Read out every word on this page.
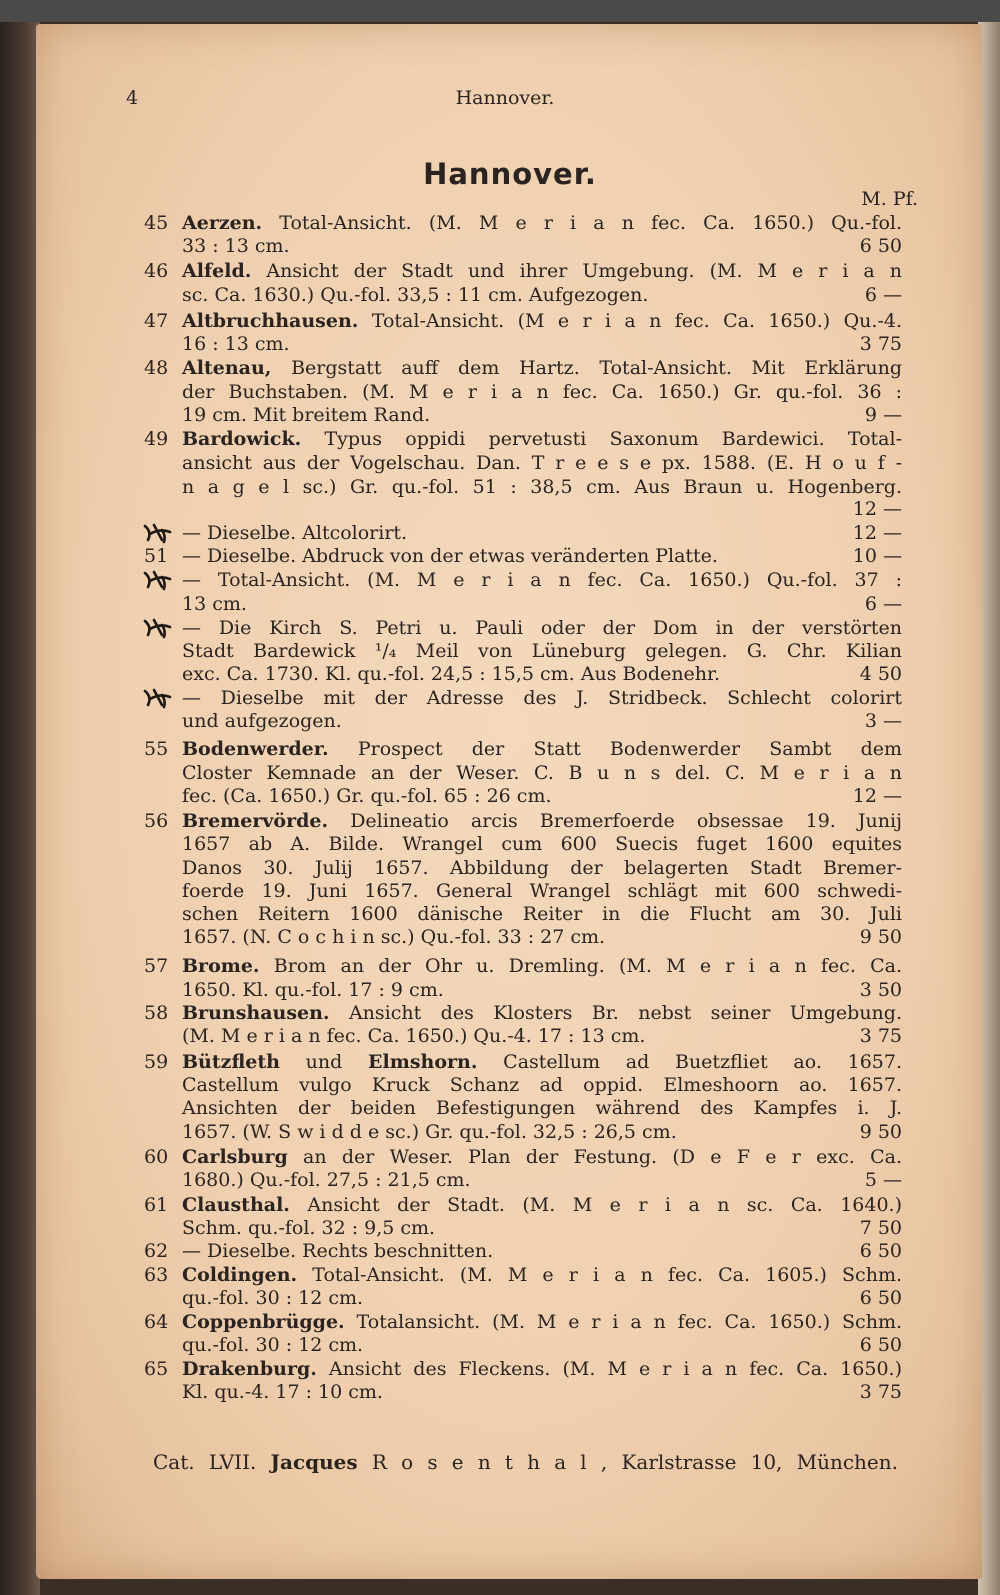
4	Hannover.
Hannover.
M. Pf.
45 Aerzen. Total-Ansicht. (M. M e r i a n fec. Ca. 1650.) Qu.-fol.
33 : 13 cm.	6 50
46 Alfeld. Ansicht der Stadt und ihrer Umgebung. (M. M e r i a n
sc. Ca. 1630.) Qu.-fol. 33,5 : 11 cm. Aufgezogen.	6 —
47 Altbruchhausen. Total-Ansicht. (M e r i a n fec. Ca. 1650.) Qu.-4.
16 : 13 cm.	3 75
48 Altenau, Bergstatt auff dem Hartz. Total-Ansicht. Mit Erklärung
der Buchstaben. (M. M e r i a n fec. Ca. 1650.) Gr. qu.-fol. 36 :
19 cm. Mit breitem Rand.	9 —
49 Bardowick. Typus oppidi pervetusti Saxonum Bardewici. Total-
ansicht aus der Vogelschau. Dan. T r e e s e px. 1588. (E. H o u f -
n a g e l sc.) Gr. qu.-fol. 51 : 38,5 cm. Aus Braun u. Hogenberg.
12 —
— Dieselbe. Altcolorirt.	12 —
51 — Dieselbe. Abdruck von der etwas veränderten Platte.	10 —
— Total-Ansicht. (M. M e r i a n fec. Ca. 1650.) Qu.-fol. 37 :
13 cm.	6 —
— Die Kirch S. Petri u. Pauli oder der Dom in der verstörten
Stadt Bardewick ¹/₄ Meil von Lüneburg gelegen. G. Chr. Kilian
exc. Ca. 1730. Kl. qu.-fol. 24,5 : 15,5 cm. Aus Bodenehr.	4 50
— Dieselbe mit der Adresse des J. Stridbeck. Schlecht colorirt
und aufgezogen.	3 —
55 Bodenwerder. Prospect der Statt Bodenwerder Sambt dem
Closter Kemnade an der Weser. C. B u n s del. C. M e r i a n
fec. (Ca. 1650.) Gr. qu.-fol. 65 : 26 cm.	12 —
56 Bremervörde. Delineatio arcis Bremerfoerde obsessae 19. Junij
1657 ab A. Bilde. Wrangel cum 600 Suecis fuget 1600 equites
Danos 30. Julij 1657. Abbildung der belagerten Stadt Bremer-
foerde 19. Juni 1657. General Wrangel schlägt mit 600 schwedi-
schen Reitern 1600 dänische Reiter in die Flucht am 30. Juli
1657. (N. C o c h i n sc.) Qu.-fol. 33 : 27 cm.	9 50
57 Brome. Brom an der Ohr u. Dremling. (M. M e r i a n fec. Ca.
1650. Kl. qu.-fol. 17 : 9 cm.	3 50
58 Brunshausen. Ansicht des Klosters Br. nebst seiner Umgebung.
(M. M e r i a n fec. Ca. 1650.) Qu.-4. 17 : 13 cm.	3 75
59 Bützfleth und Elmshorn. Castellum ad Buetzfliet ao. 1657.
Castellum vulgo Kruck Schanz ad oppid. Elmeshoorn ao. 1657.
Ansichten der beiden Befestigungen während des Kampfes i. J.
1657. (W. S w i d d e sc.) Gr. qu.-fol. 32,5 : 26,5 cm.	9 50
60 Carlsburg an der Weser. Plan der Festung. (D e F e r exc. Ca.
1680.) Qu.-fol. 27,5 : 21,5 cm.	5 —
61 Clausthal. Ansicht der Stadt. (M. M e r i a n sc. Ca. 1640.)
Schm. qu.-fol. 32 : 9,5 cm.	7 50
62 — Dieselbe. Rechts beschnitten.	6 50
63 Coldingen. Total-Ansicht. (M. M e r i a n fec. Ca. 1605.) Schm.
qu.-fol. 30 : 12 cm.	6 50
64 Coppenbrügge. Totalansicht. (M. M e r i a n fec. Ca. 1650.) Schm.
qu.-fol. 30 : 12 cm.	6 50
65 Drakenburg. Ansicht des Fleckens. (M. M e r i a n fec. Ca. 1650.)
Kl. qu.-4. 17 : 10 cm.	3 75
Cat. LVII. Jacques R o s e n t h a l , Karlstrasse 10, München.
